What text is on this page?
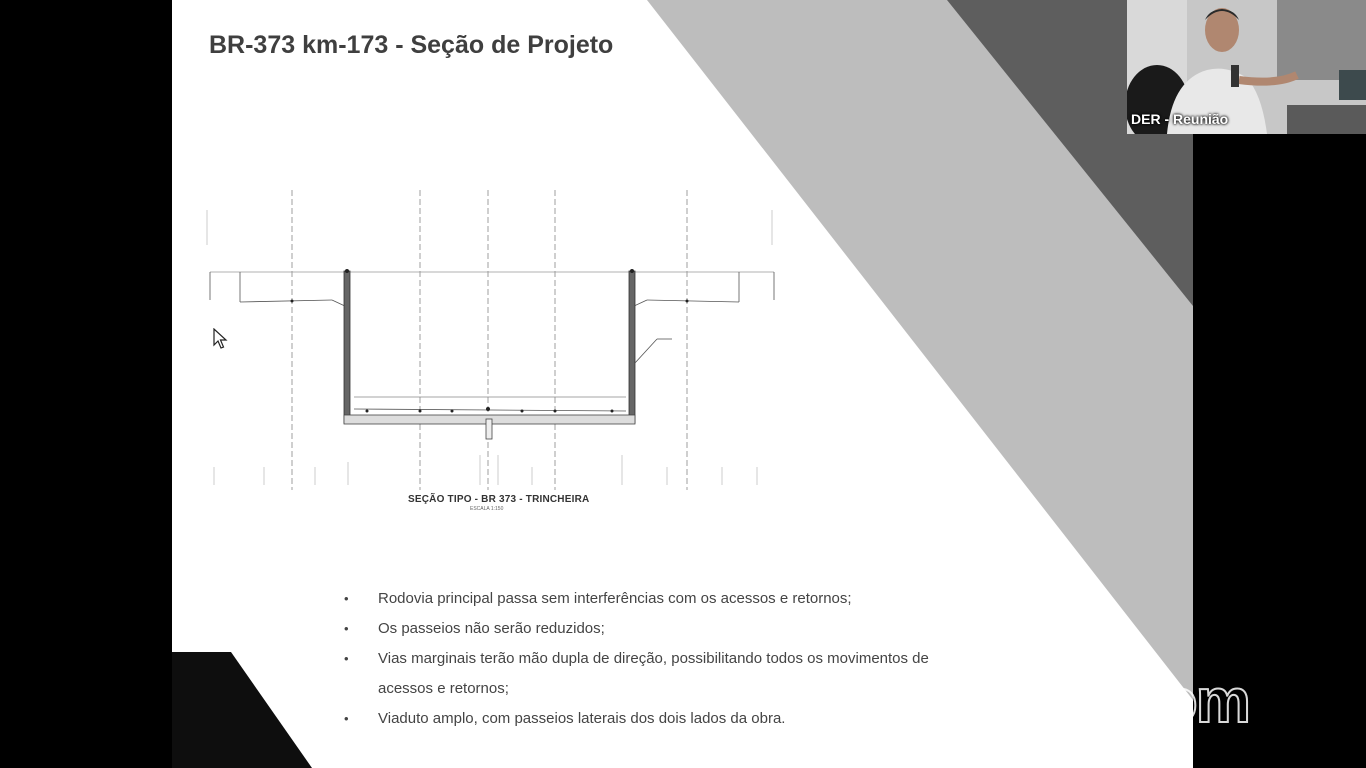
BR-373 km-173 - Seção de Projeto
SEÇÃO TIPO - BR 373 - TRINCHEIRA
ESCALA 1:150
• Rodovia principal passa sem interferências com os acessos e retornos;
• Os passeios não serão reduzidos;
• Vias marginais terão mão dupla de direção, possibilitando todos os movimentos de acessos e retornos;
• Viaduto amplo, com passeios laterais dos dois lados da obra.
DER - Reunião
zoom
